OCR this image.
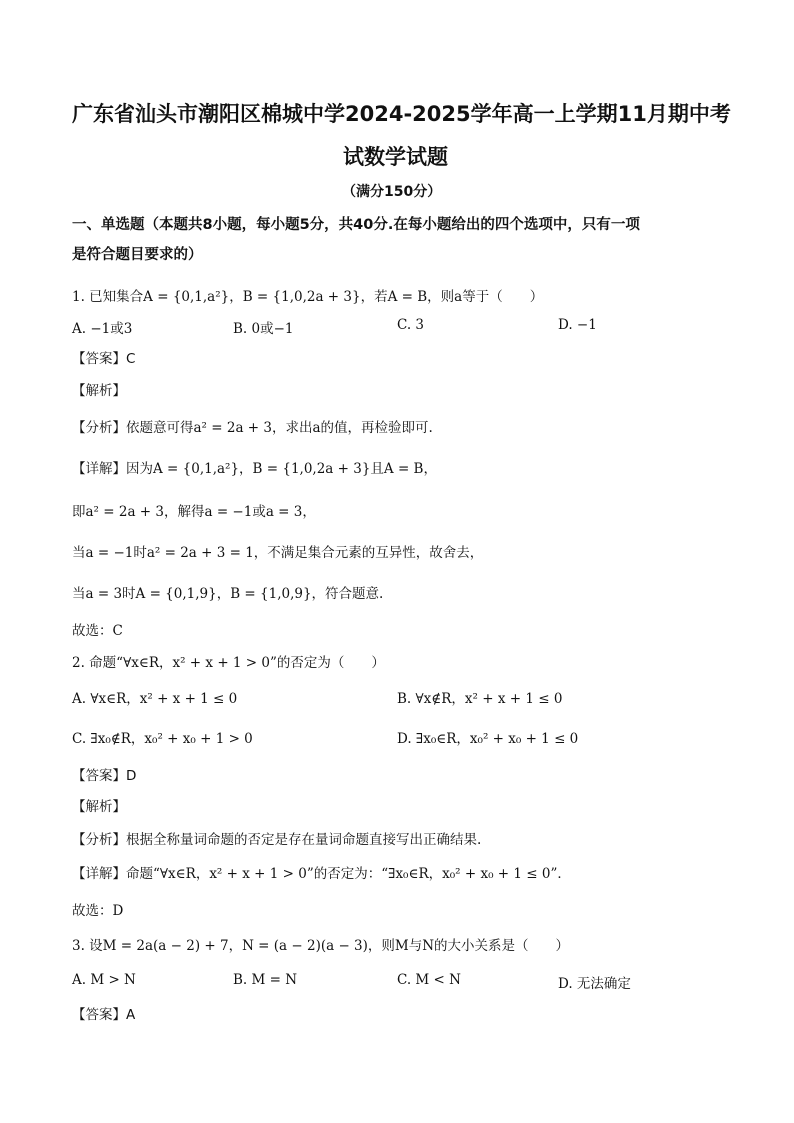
广东省汕头市潮阳区棉城中学2024-2025学年高一上学期11月期中考
试数学试题
（满分150分）
一、单选题（本题共8小题，每小题5分，共40分.在每小题给出的四个选项中，只有一项
是符合题目要求的）
1. 已知集合A = {0,1,a²}，B = {1,0,2a + 3}，若A = B，则a等于（　　）
A. −1或3	B. 0或−1	C. 3	D. −1
【答案】C
【解析】
【分析】依题意可得a² = 2a + 3，求出a的值，再检验即可.
【详解】因为A = {0,1,a²}，B = {1,0,2a + 3}且A = B，
即a² = 2a + 3，解得a = −1或a = 3，
当a = −1时a² = 2a + 3 = 1，不满足集合元素的互异性，故舍去，
当a = 3时A = {0,1,9}，B = {1,0,9}，符合题意.
故选：C
2. 命题“∀x∈R，x² + x + 1 > 0”的否定为（　　）
A. ∀x∈R，x² + x + 1 ≤ 0	B. ∀x∉R，x² + x + 1 ≤ 0
C. ∃x₀∉R，x₀² + x₀ + 1 > 0	D. ∃x₀∈R，x₀² + x₀ + 1 ≤ 0
【答案】D
【解析】
【分析】根据全称量词命题的否定是存在量词命题直接写出正确结果.
【详解】命题“∀x∈R，x² + x + 1 > 0”的否定为：“∃x₀∈R，x₀² + x₀ + 1 ≤ 0”．
故选：D
3. 设M = 2a(a − 2) + 7，N = (a − 2)(a − 3)，则M与N的大小关系是（　　）
A. M > N	B. M = N	C. M < N	D. 无法确定
【答案】A
